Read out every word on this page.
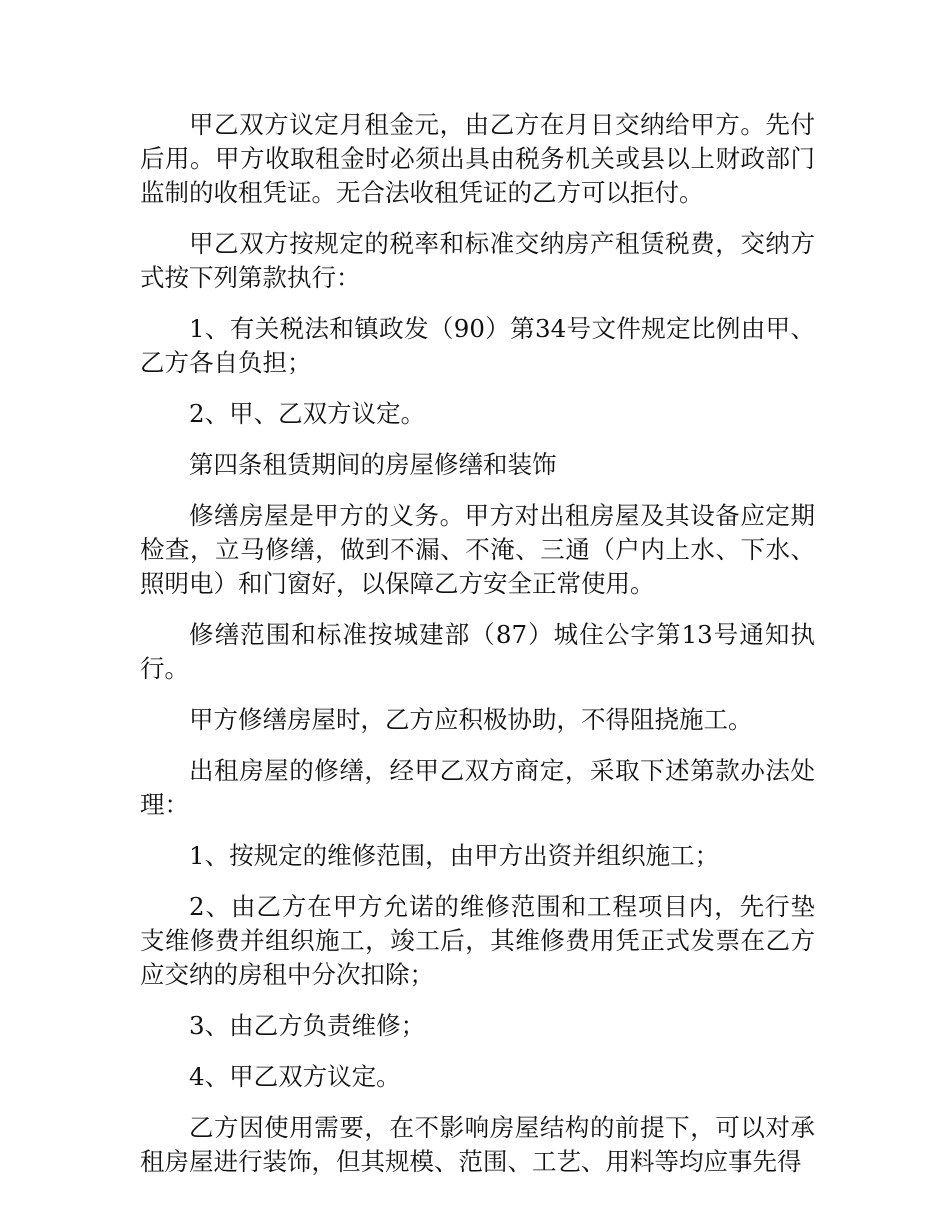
甲乙双方议定月租金元，由乙方在月日交纳给甲方。先付后用。甲方收取租金时必须出具由税务机关或县以上财政部门监制的收租凭证。无合法收租凭证的乙方可以拒付。

甲乙双方按规定的税率和标准交纳房产租赁税费，交纳方式按下列第款执行：

1、有关税法和镇政发（90）第34号文件规定比例由甲、乙方各自负担；

2、甲、乙双方议定。

第四条租赁期间的房屋修缮和装饰

修缮房屋是甲方的义务。甲方对出租房屋及其设备应定期检查，立马修缮，做到不漏、不淹、三通（户内上水、下水、照明电）和门窗好，以保障乙方安全正常使用。

修缮范围和标准按城建部（87）城住公字第13号通知执行。

甲方修缮房屋时，乙方应积极协助，不得阻挠施工。

出租房屋的修缮，经甲乙双方商定，采取下述第款办法处理：

1、按规定的维修范围，由甲方出资并组织施工；

2、由乙方在甲方允诺的维修范围和工程项目内，先行垫支维修费并组织施工，竣工后，其维修费用凭正式发票在乙方应交纳的房租中分次扣除；

3、由乙方负责维修；

4、甲乙双方议定。

乙方因使用需要，在不影响房屋结构的前提下，可以对承租房屋进行装饰，但其规模、范围、工艺、用料等均应事先得
